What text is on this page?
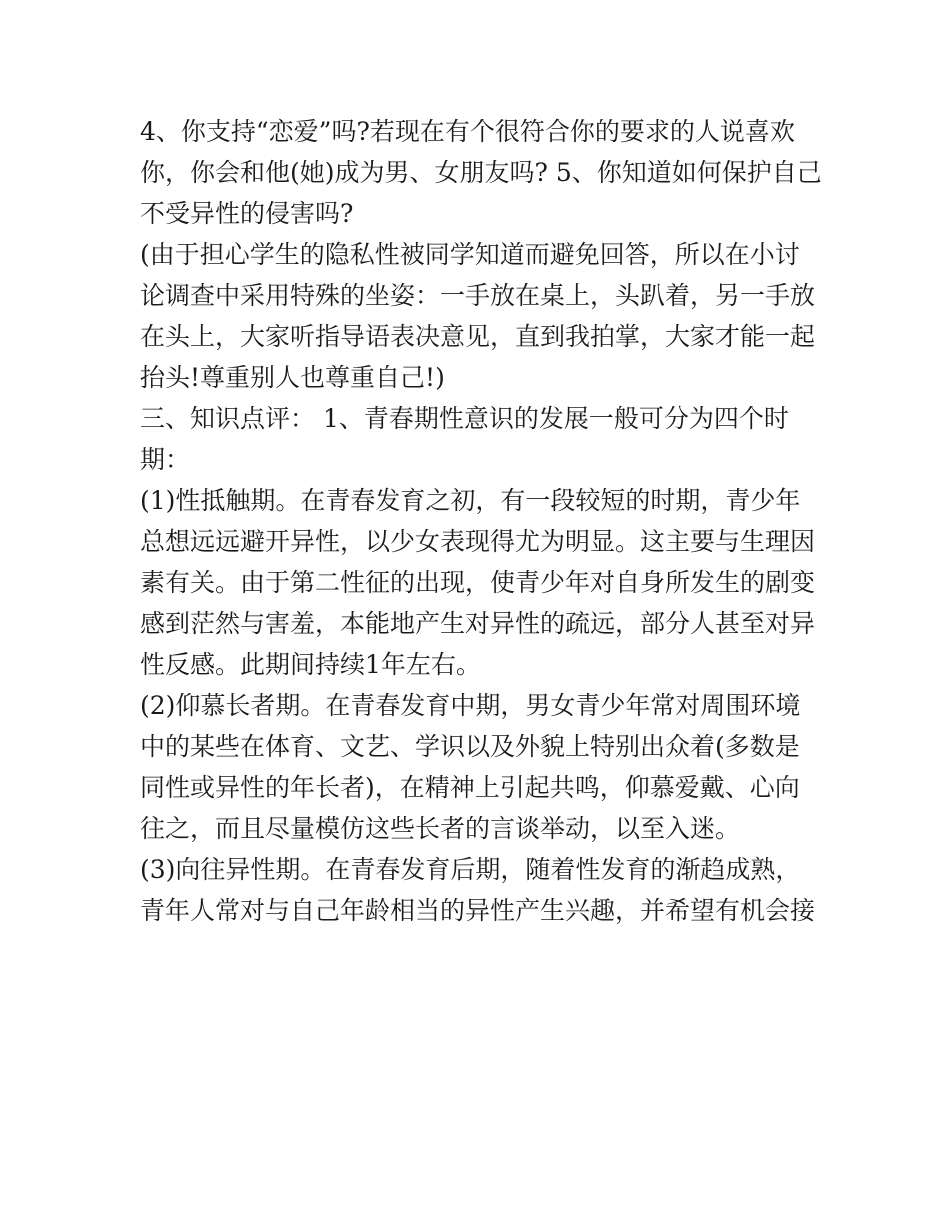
4、你支持“恋爱”吗?若现在有个很符合你的要求的人说喜欢
你，你会和他(她)成为男、女朋友吗? 5、你知道如何保护自己
不受异性的侵害吗?
(由于担心学生的隐私性被同学知道而避免回答，所以在小讨
论调查中采用特殊的坐姿：一手放在桌上，头趴着，另一手放
在头上，大家听指导语表决意见，直到我拍掌，大家才能一起
抬头!尊重别人也尊重自己!)
三、知识点评： 1、青春期性意识的发展一般可分为四个时
期：
(1)性抵触期。在青春发育之初，有一段较短的时期，青少年
总想远远避开异性，以少女表现得尤为明显。这主要与生理因
素有关。由于第二性征的出现，使青少年对自身所发生的剧变
感到茫然与害羞，本能地产生对异性的疏远，部分人甚至对异
性反感。此期间持续1年左右。
(2)仰慕长者期。在青春发育中期，男女青少年常对周围环境
中的某些在体育、文艺、学识以及外貌上特别出众着(多数是
同性或异性的年长者)，在精神上引起共鸣，仰慕爱戴、心向
往之，而且尽量模仿这些长者的言谈举动，以至入迷。
(3)向往异性期。在青春发育后期，随着性发育的渐趋成熟，
青年人常对与自己年龄相当的异性产生兴趣，并希望有机会接
